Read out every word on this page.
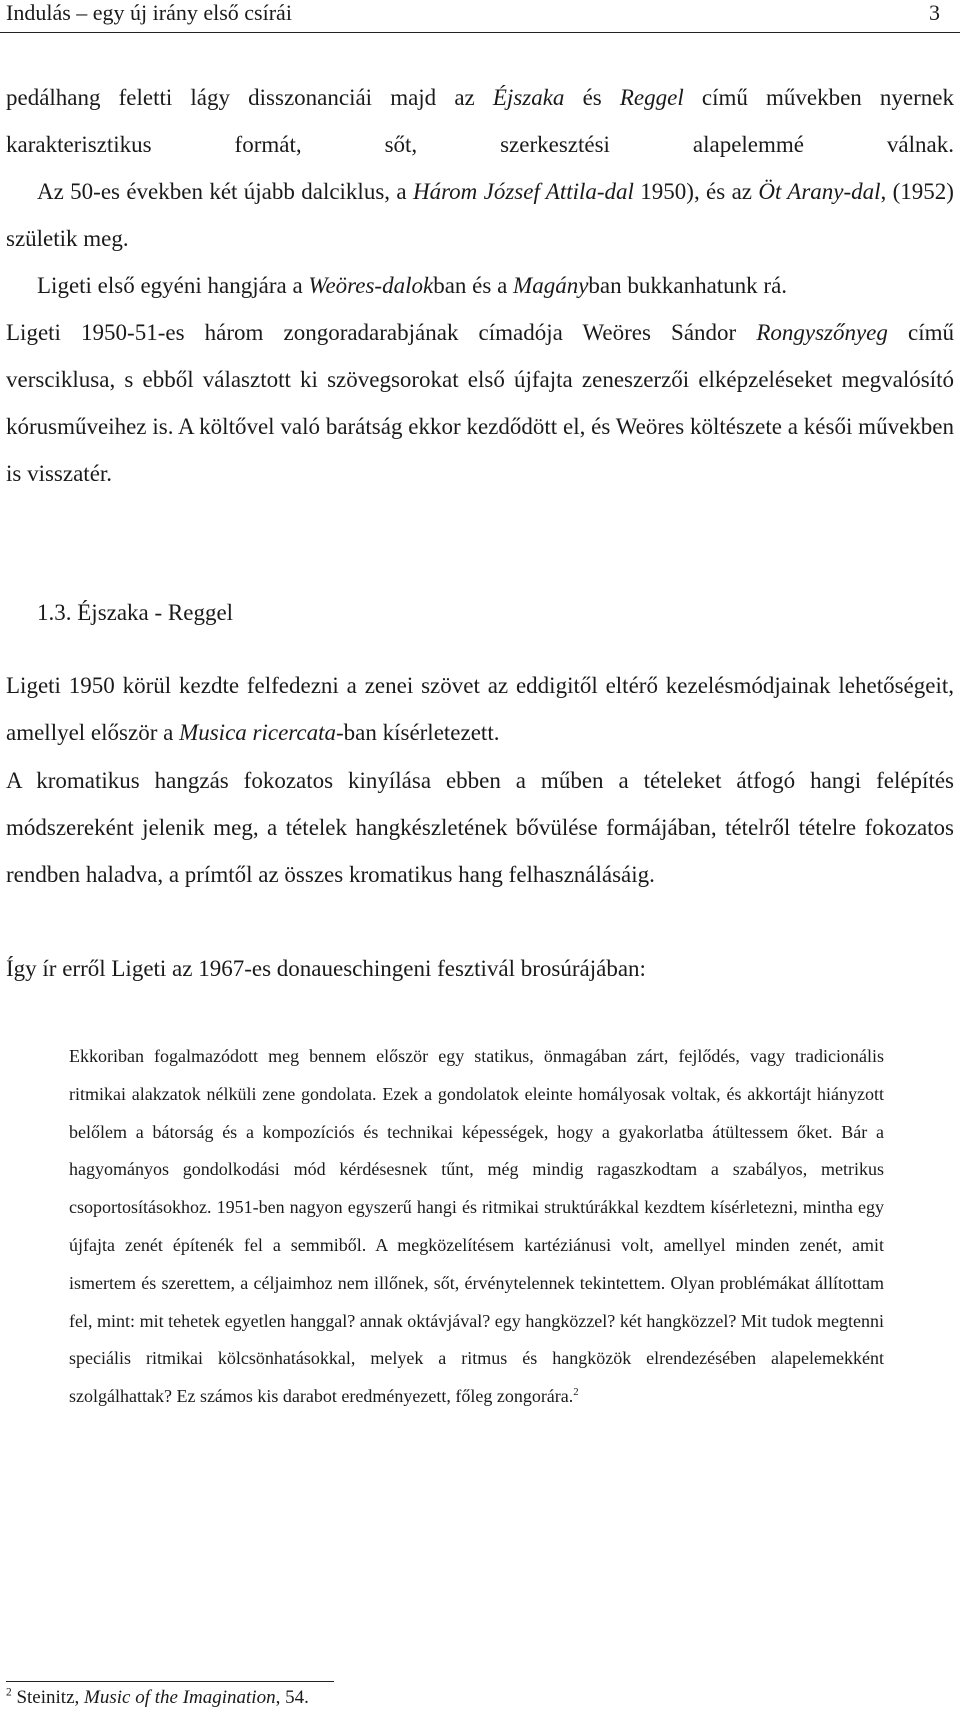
Indulás – egy új irány első csírái	3

pedálhang feletti lágy disszonanciái majd az Éjszaka és Reggel című művekben nyernek karakterisztikus formát, sőt, szerkesztési alapelemmé válnak.

Az 50-es években két újabb dalciklus, a Három József Attila-dal 1950), és az Öt Arany-dal, (1952) születik meg.

Ligeti első egyéni hangjára a Weöres-dalokban és a Magányban bukkanhatunk rá.

Ligeti 1950-51-es három zongoradarabjának címadója Weöres Sándor Rongyszőnyeg című versciklusa, s ebből választott ki szövegsorokat első újfajta zeneszerzői elképzeléseket megvalósító kórusműveihez is. A költővel való barátság ekkor kezdődött el, és Weöres költészete a késői művekben is visszatér.

1.3. Éjszaka - Reggel

Ligeti 1950 körül kezdte felfedezni a zenei szövet az eddigitől eltérő kezelésmódjainak lehetőségeit, amellyel először a Musica ricercata-ban kísérletezett.

A kromatikus hangzás fokozatos kinyílása ebben a műben a tételeket átfogó hangi felépítés módszereként jelenik meg, a tételek hangkészletének bővülése formájában, tételről tételre fokozatos rendben haladva, a prímtől az összes kromatikus hang felhasználásáig.

Így ír erről Ligeti az 1967-es donaueschingeni fesztivál brosúrájában:

Ekkoriban fogalmazódott meg bennem először egy statikus, önmagában zárt, fejlődés, vagy tradicionális ritmikai alakzatok nélküli zene gondolata. Ezek a gondolatok eleinte homályosak voltak, és akkortájt hiányzott belőlem a bátorság és a kompozíciós és technikai képességek, hogy a gyakorlatba átültessem őket. Bár a hagyományos gondolkodási mód kérdésesnek tűnt, még mindig ragaszkodtam a szabályos, metrikus csoportosításokhoz. 1951-ben nagyon egyszerű hangi és ritmikai struktúrákkal kezdtem kísérletezni, mintha egy újfajta zenét építenék fel a semmiből. A megközelítésem kartéziánusi volt, amellyel minden zenét, amit ismertem és szerettem, a céljaimhoz nem illőnek, sőt, érvénytelennek tekintettem. Olyan problémákat állítottam fel, mint: mit tehetek egyetlen hanggal? annak oktávjával? egy hangközzel? két hangközzel? Mit tudok megtenni speciális ritmikai kölcsönhatásokkal, melyek a ritmus és hangközök elrendezésében alapelemekként szolgálhattak? Ez számos kis darabot eredményezett, főleg zongorára.$^2$
$^2$ Steinitz, Music of the Imagination, 54.
